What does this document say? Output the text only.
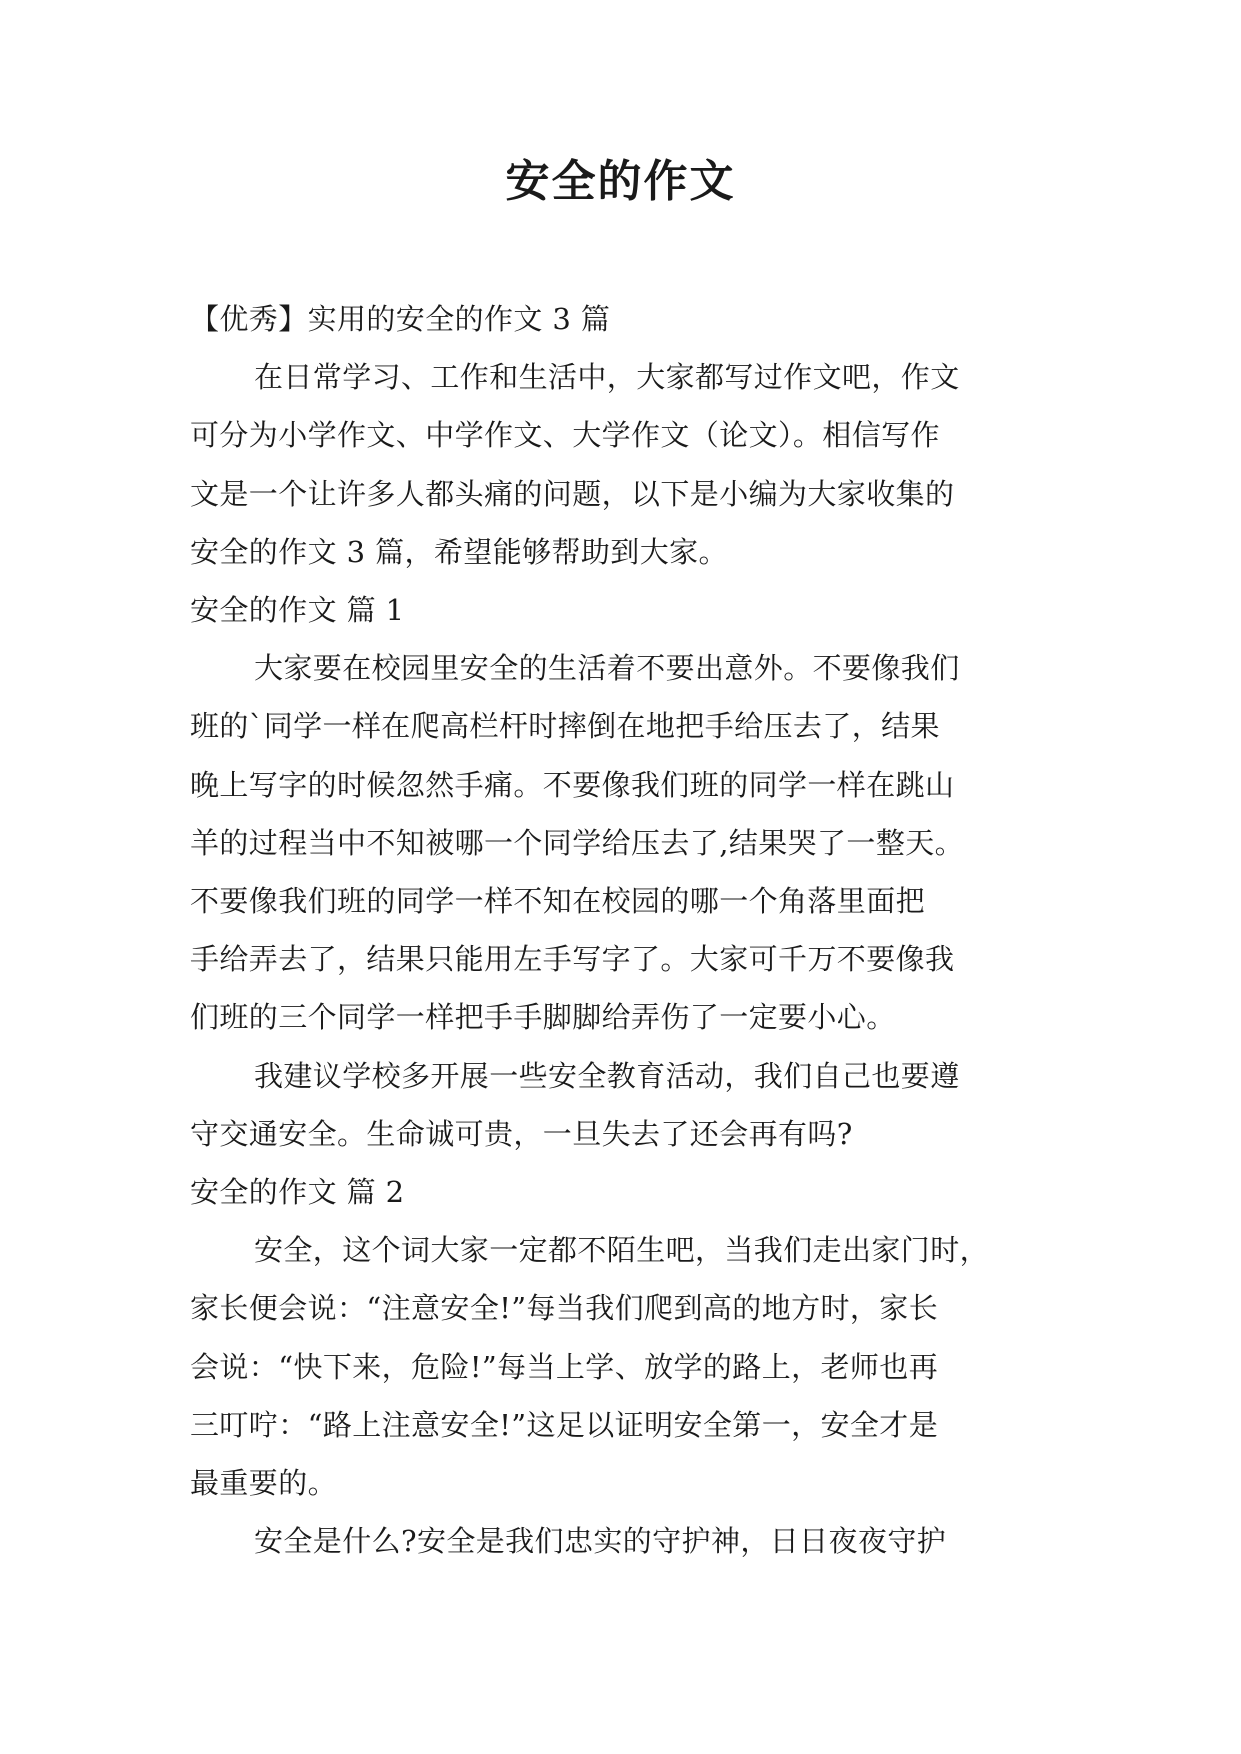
安全的作文
【优秀】实用的安全的作文 3 篇
在日常学习、工作和生活中，大家都写过作文吧，作文
可分为小学作文、中学作文、大学作文（论文）。相信写作
文是一个让许多人都头痛的问题，以下是小编为大家收集的
安全的作文 3 篇，希望能够帮助到大家。
安全的作文 篇 1
大家要在校园里安全的生活着不要出意外。不要像我们
班的`同学一样在爬高栏杆时摔倒在地把手给压去了，结果
晚上写字的时候忽然手痛。不要像我们班的同学一样在跳山
羊的过程当中不知被哪一个同学给压去了,结果哭了一整天。
不要像我们班的同学一样不知在校园的哪一个角落里面把
手给弄去了，结果只能用左手写字了。大家可千万不要像我
们班的三个同学一样把手手脚脚给弄伤了一定要小心。
我建议学校多开展一些安全教育活动，我们自己也要遵
守交通安全。生命诚可贵，一旦失去了还会再有吗?
安全的作文 篇 2
安全，这个词大家一定都不陌生吧，当我们走出家门时，
家长便会说：“注意安全!”每当我们爬到高的地方时，家长
会说：“快下来，危险!”每当上学、放学的路上，老师也再
三叮咛：“路上注意安全!”这足以证明安全第一，安全才是
最重要的。
安全是什么?安全是我们忠实的守护神，日日夜夜守护
